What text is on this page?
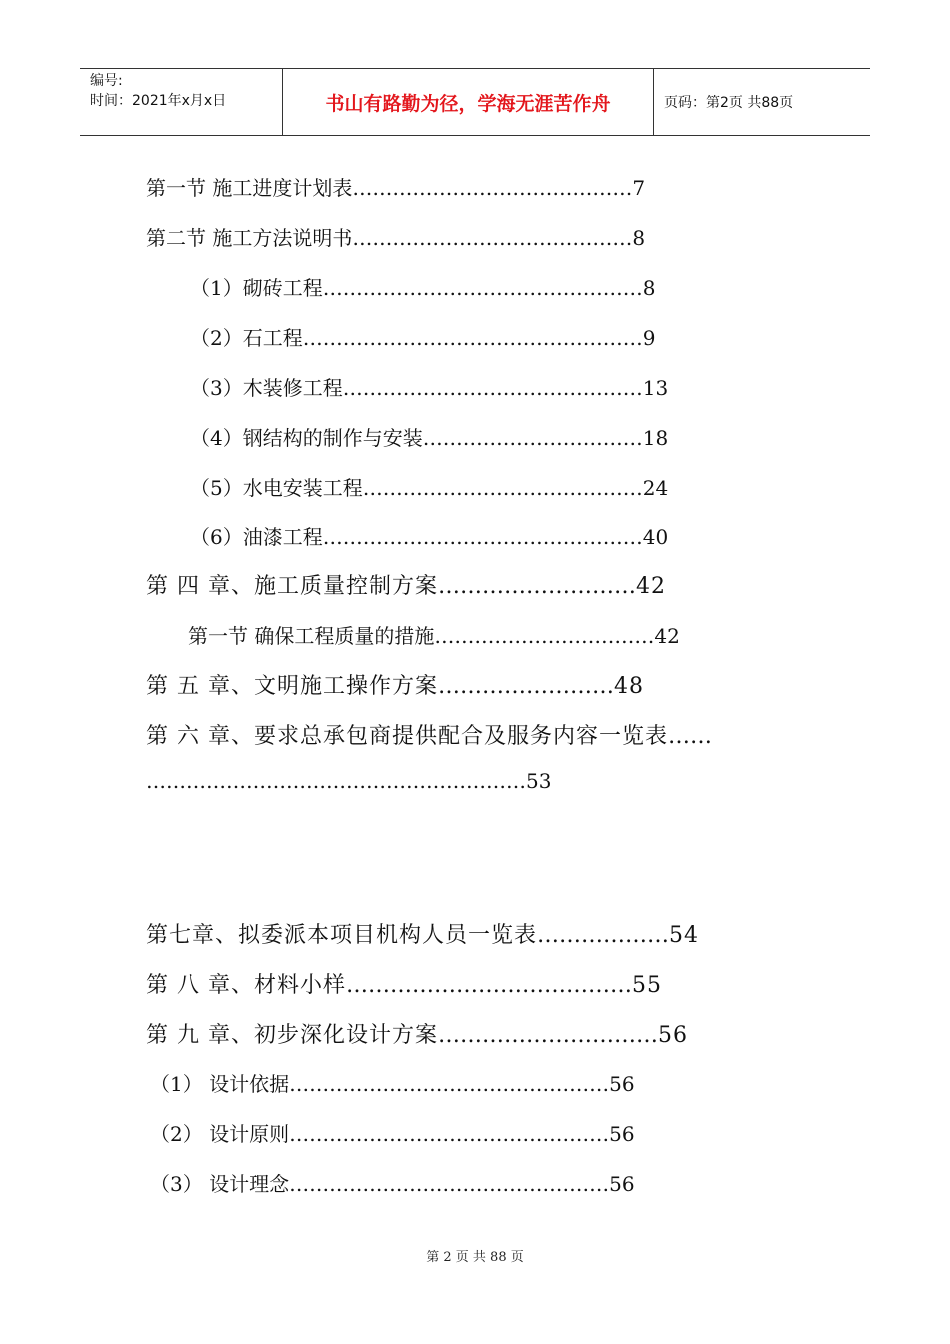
编号:
时间：2021年x月x日	书山有路勤为径，学海无涯苦作舟	页码：第2页 共88页
第一节 施工进度计划表 …………………………………… 7
第二节 施工方法说明书 …………………………………… 8
（1）砌砖工程 ………………………………………… 8
（2）石工程 …………………………………………… 9
（3）木装修工程 ……………………………………… 13
（4）钢结构的制作与安装 …………………………… 18
（5）水电安装工程 …………………………………… 24
（6）油漆工程 ………………………………………… 40
第 四 章、施工质量控制方案 ……………………… 42
第一节 确保工程质量的措施 …………………………… 42
第 五 章、文明施工操作方案 …………………… 48
第 六 章、要求总承包商提供配合及服务内容一览表 ……
………………………………………………… 53
第七章、拟委派本项目机构人员一览表 ……………… 54
第 八 章、材料小样 ………………………………… 55
第 九 章、初步深化设计方案 ………………………… 56
（1） 设计依据 ………………………………………… 56
（2） 设计原则 ………………………………………… 56
（3） 设计理念 ………………………………………… 56
第 2 页 共 88 页
